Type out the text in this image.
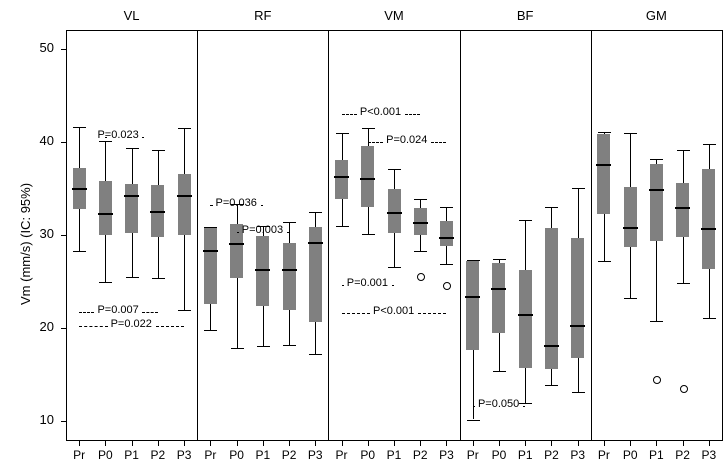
10
20
30
40
50
Vm (mm/s) (IC: 95%)
VL
Pr	P0 P1 P2 P3
P=0.023
P=0.007
P=0.022
RF
Pr	P0 P1 P2 P3
P=0.036
P=0.003
VM
Pr	P0 P1 P2 P3
P<0.001
P=0.024
P=0.001
P<0.001
BF
Pr	P0 P1 P2 P3
P=0.050
GM
Pr	P0 P1 P2 P3
